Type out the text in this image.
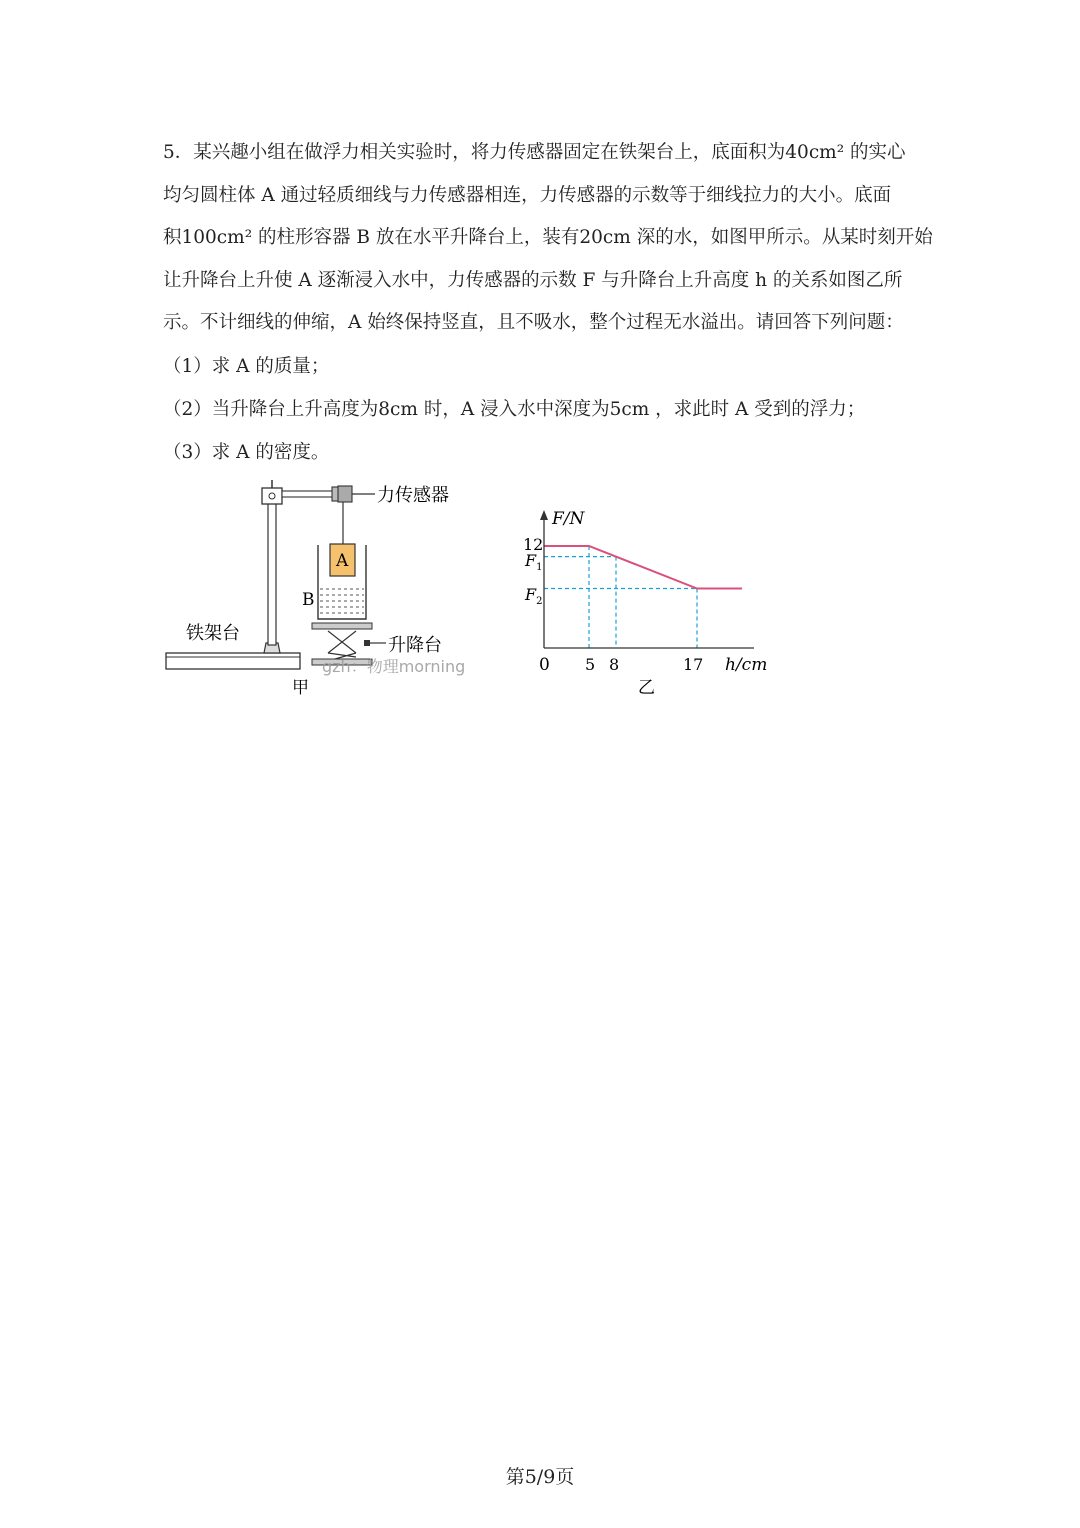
5．某兴趣小组在做浮力相关实验时，将力传感器固定在铁架台上，底面积为40cm² 的实心
均匀圆柱体 A 通过轻质细线与力传感器相连，力传感器的示数等于细线拉力的大小。底面
积100cm² 的柱形容器 B 放在水平升降台上，装有20cm 深的水，如图甲所示。从某时刻开始
让升降台上升使 A 逐渐浸入水中，力传感器的示数 F 与升降台上升高度 h 的关系如图乙所
示。不计细线的伸缩，A 始终保持竖直，且不吸水，整个过程无水溢出。请回答下列问题：
（1）求 A 的质量；
（2）当升降台上升高度为8cm 时，A 浸入水中深度为5cm ，求此时 A 受到的浮力；
（3）求 A 的密度。
力传感器
A
B
升降台
铁架台
gzh：物理morning
甲
F/N
h/cm
0
12
$F_1$
$F_2$
5 8	17
乙
第5/9页
